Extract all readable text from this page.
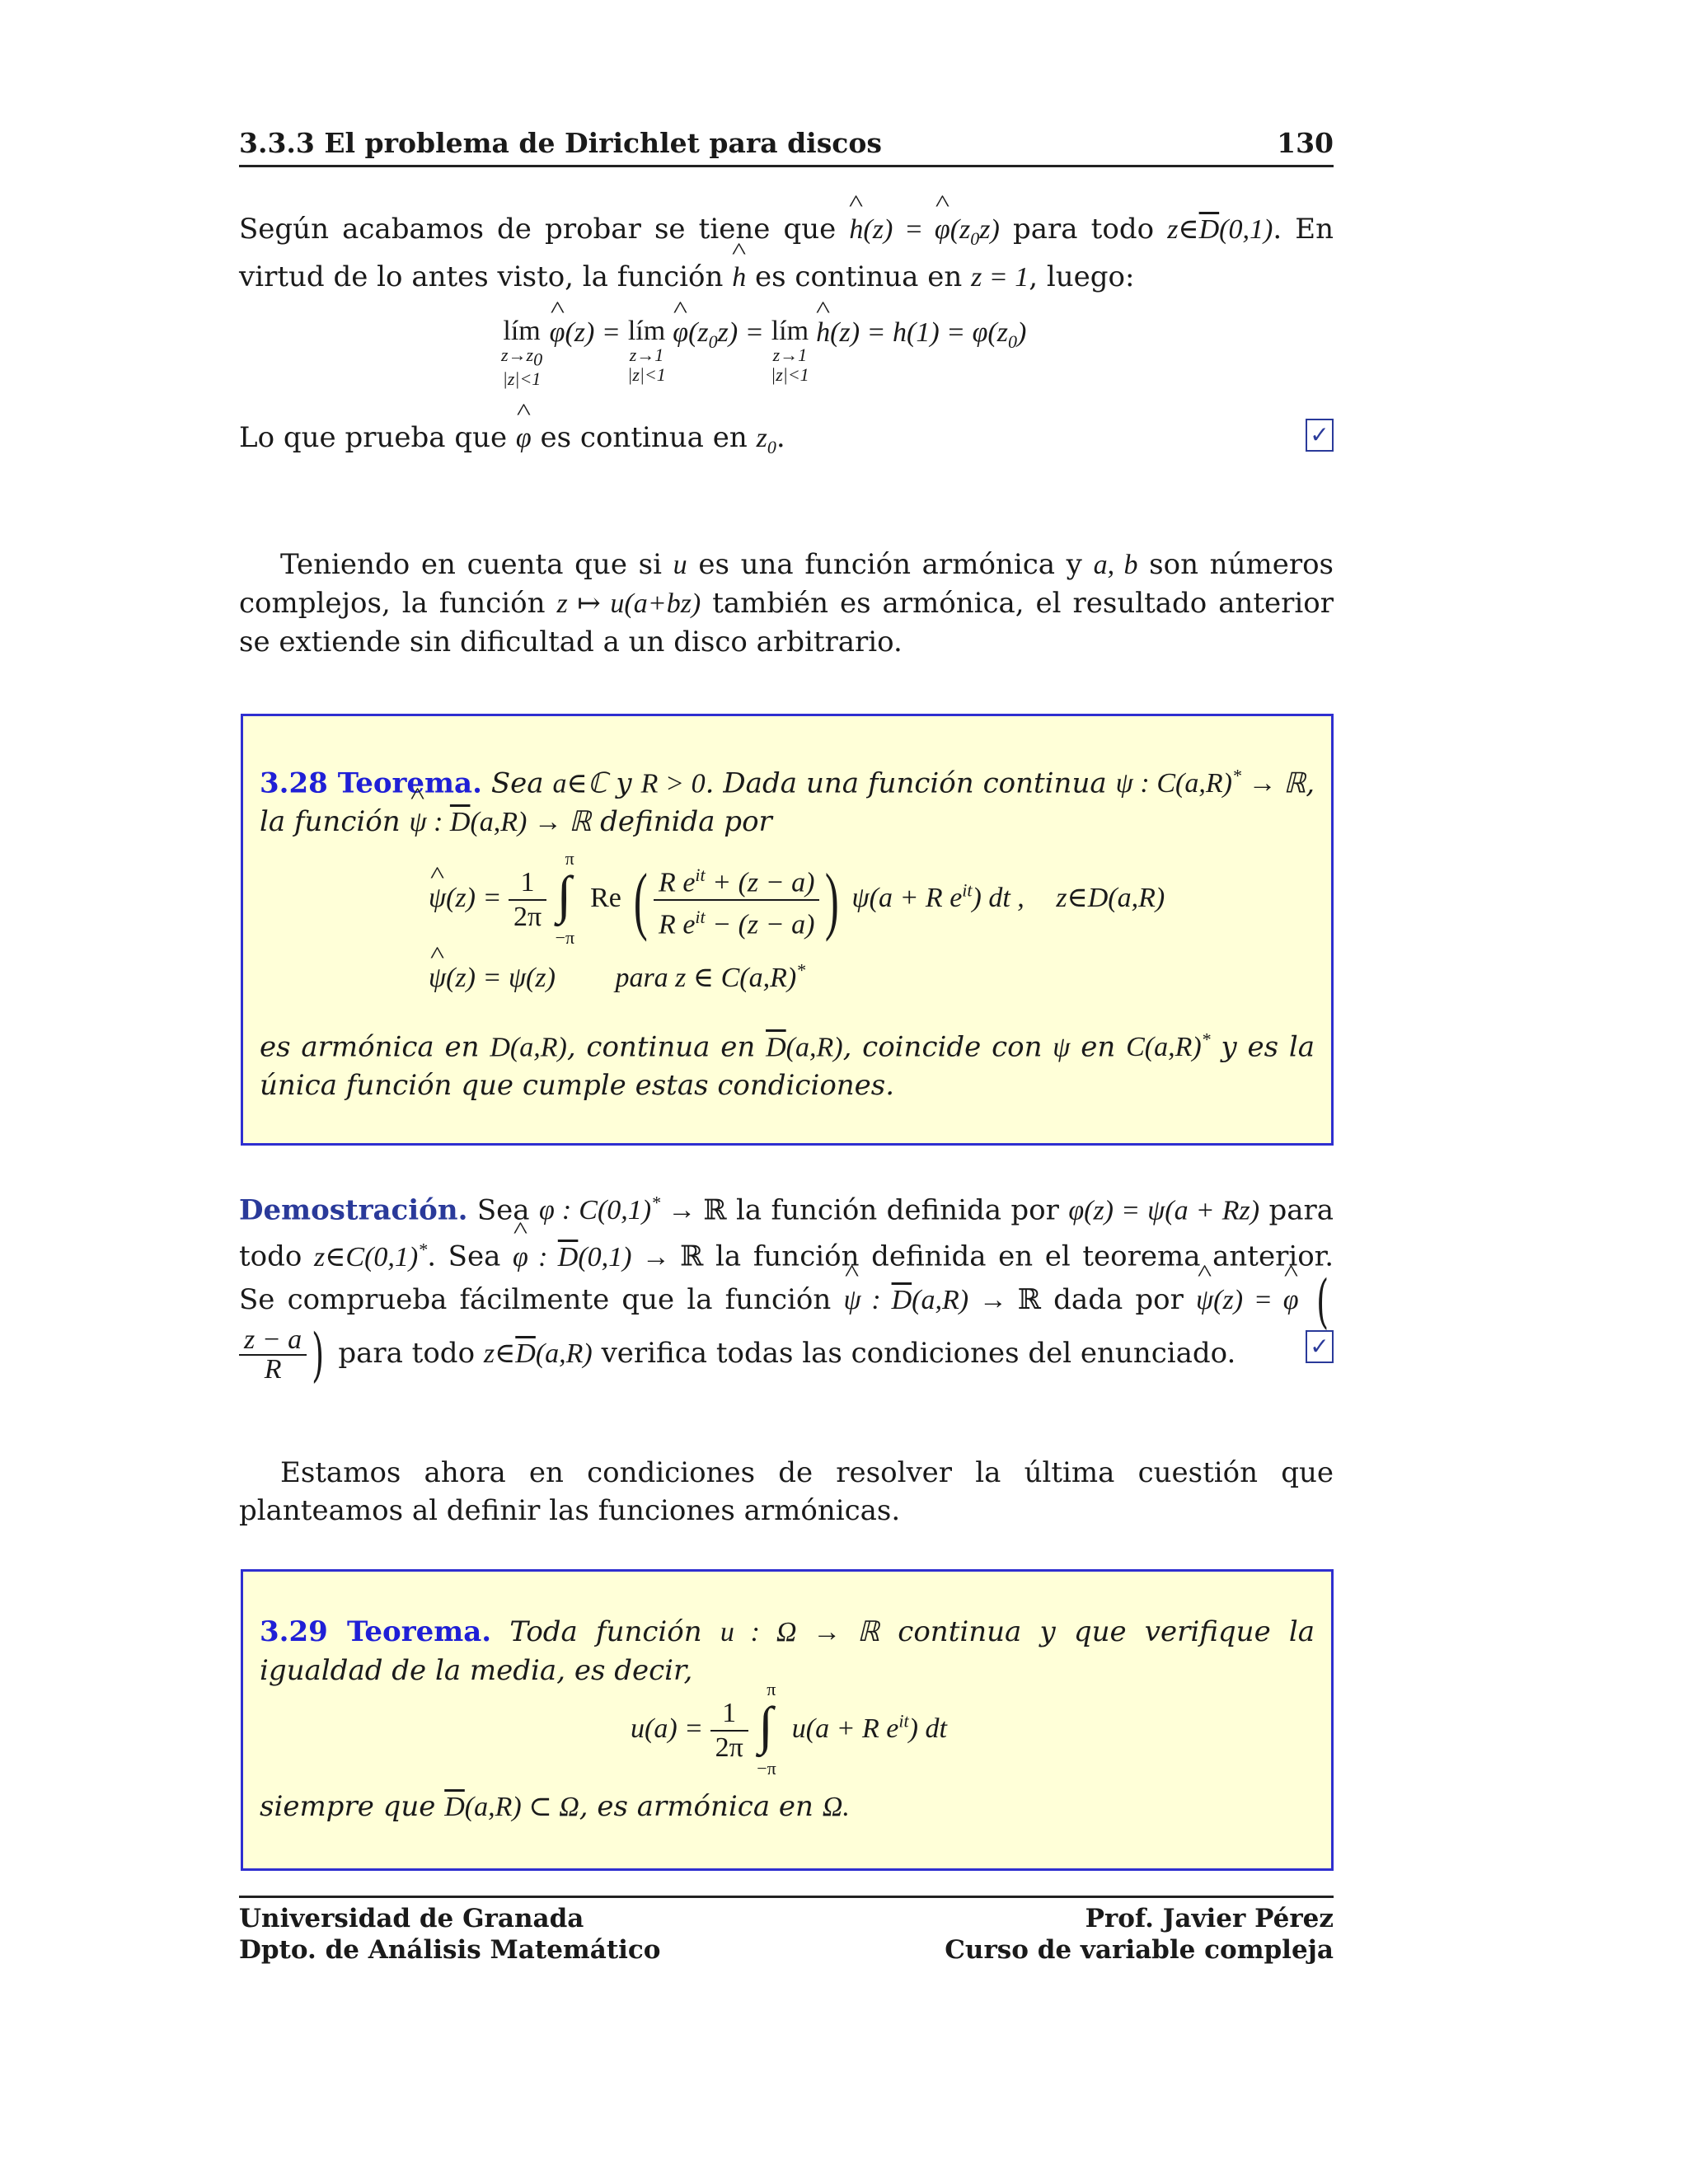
3.3.3 El problema de Dirichlet para discos	130
Según acabamos de probar se tiene que ^ h(z) = ^ $\varphi(z_0z)$ para todo $z\in\overline{D}(0,1)$. En virtud de lo antes visto, la función ^ h es continua en z = 1, luego:
lím
$z\to z_0$
|z|<1
^ φ(z) = lím
z→1
|z|<1
^ $\varphi(z_0z)$ = lím
z→1
|z|<1
^ $h(z) = h(1) = \varphi(z_0)$
Lo que prueba que ^ φ es continua en $z_0$.	✓
Teniendo en cuenta que si u es una función armónica y a, b son números complejos, la función z ↦ u(a+bz) también es armónica, el resultado anterior se extiende sin dificultad a un disco arbitrario.
3.28 Teorema. Sea a∈ℂ y R > 0. Dada una función continua ψ : C(a,R)* → ℝ, la función ^ ψ : $\overline{D}(a,R)$ → ℝ definida por
^ $\psi(z) = \frac{1}{2\pi}$

π
∫
−π
Re ( $\frac{R e^{it} + (z - a)}{R e^{it} - (z - a)}$ ) ψ(a + R $e^{it}$) dt , z∈D(a,R)
^ ψ(z) = ψ(z) para z ∈ C(a,R)*
es armónica en D(a,R), continua en $\overline{D}(a,R)$, coincide con ψ en C(a,R)* y es la única función que cumple estas condiciones.
Demostración. Sea φ : C(0,1)* → ℝ la función definida por φ(z) = ψ(a + Rz) para todo z∈C(0,1)*. Sea ^ φ : $\overline{D}(0,1)$ → ℝ la función definida en el teorema anterior. Se comprueba fácilmente que la función ^ ψ : $\overline{D}(a,R)$ → ℝ dada por ^ ψ(z) = ^ φ (
$\frac{z - a}{R}$ ) para todo $z\in\overline{D}(a,R)$ verifica todas las condiciones del enunciado.	✓
Estamos ahora en condiciones de resolver la última cuestión que planteamos al definir las funciones armónicas.
3.29 Teorema. Toda función u : Ω → ℝ continua y que verifique la igualdad de la media, es decir,
$u(a) = \frac{1}{2\pi}$

π
∫
−π
u(a + R $e^{it}$) dt
siempre que $\overline{D}(a,R)$ ⊂ Ω, es armónica en Ω.
Universidad de Granada
Dpto. de Análisis Matemático
Prof. Javier Pérez
Curso de variable compleja
